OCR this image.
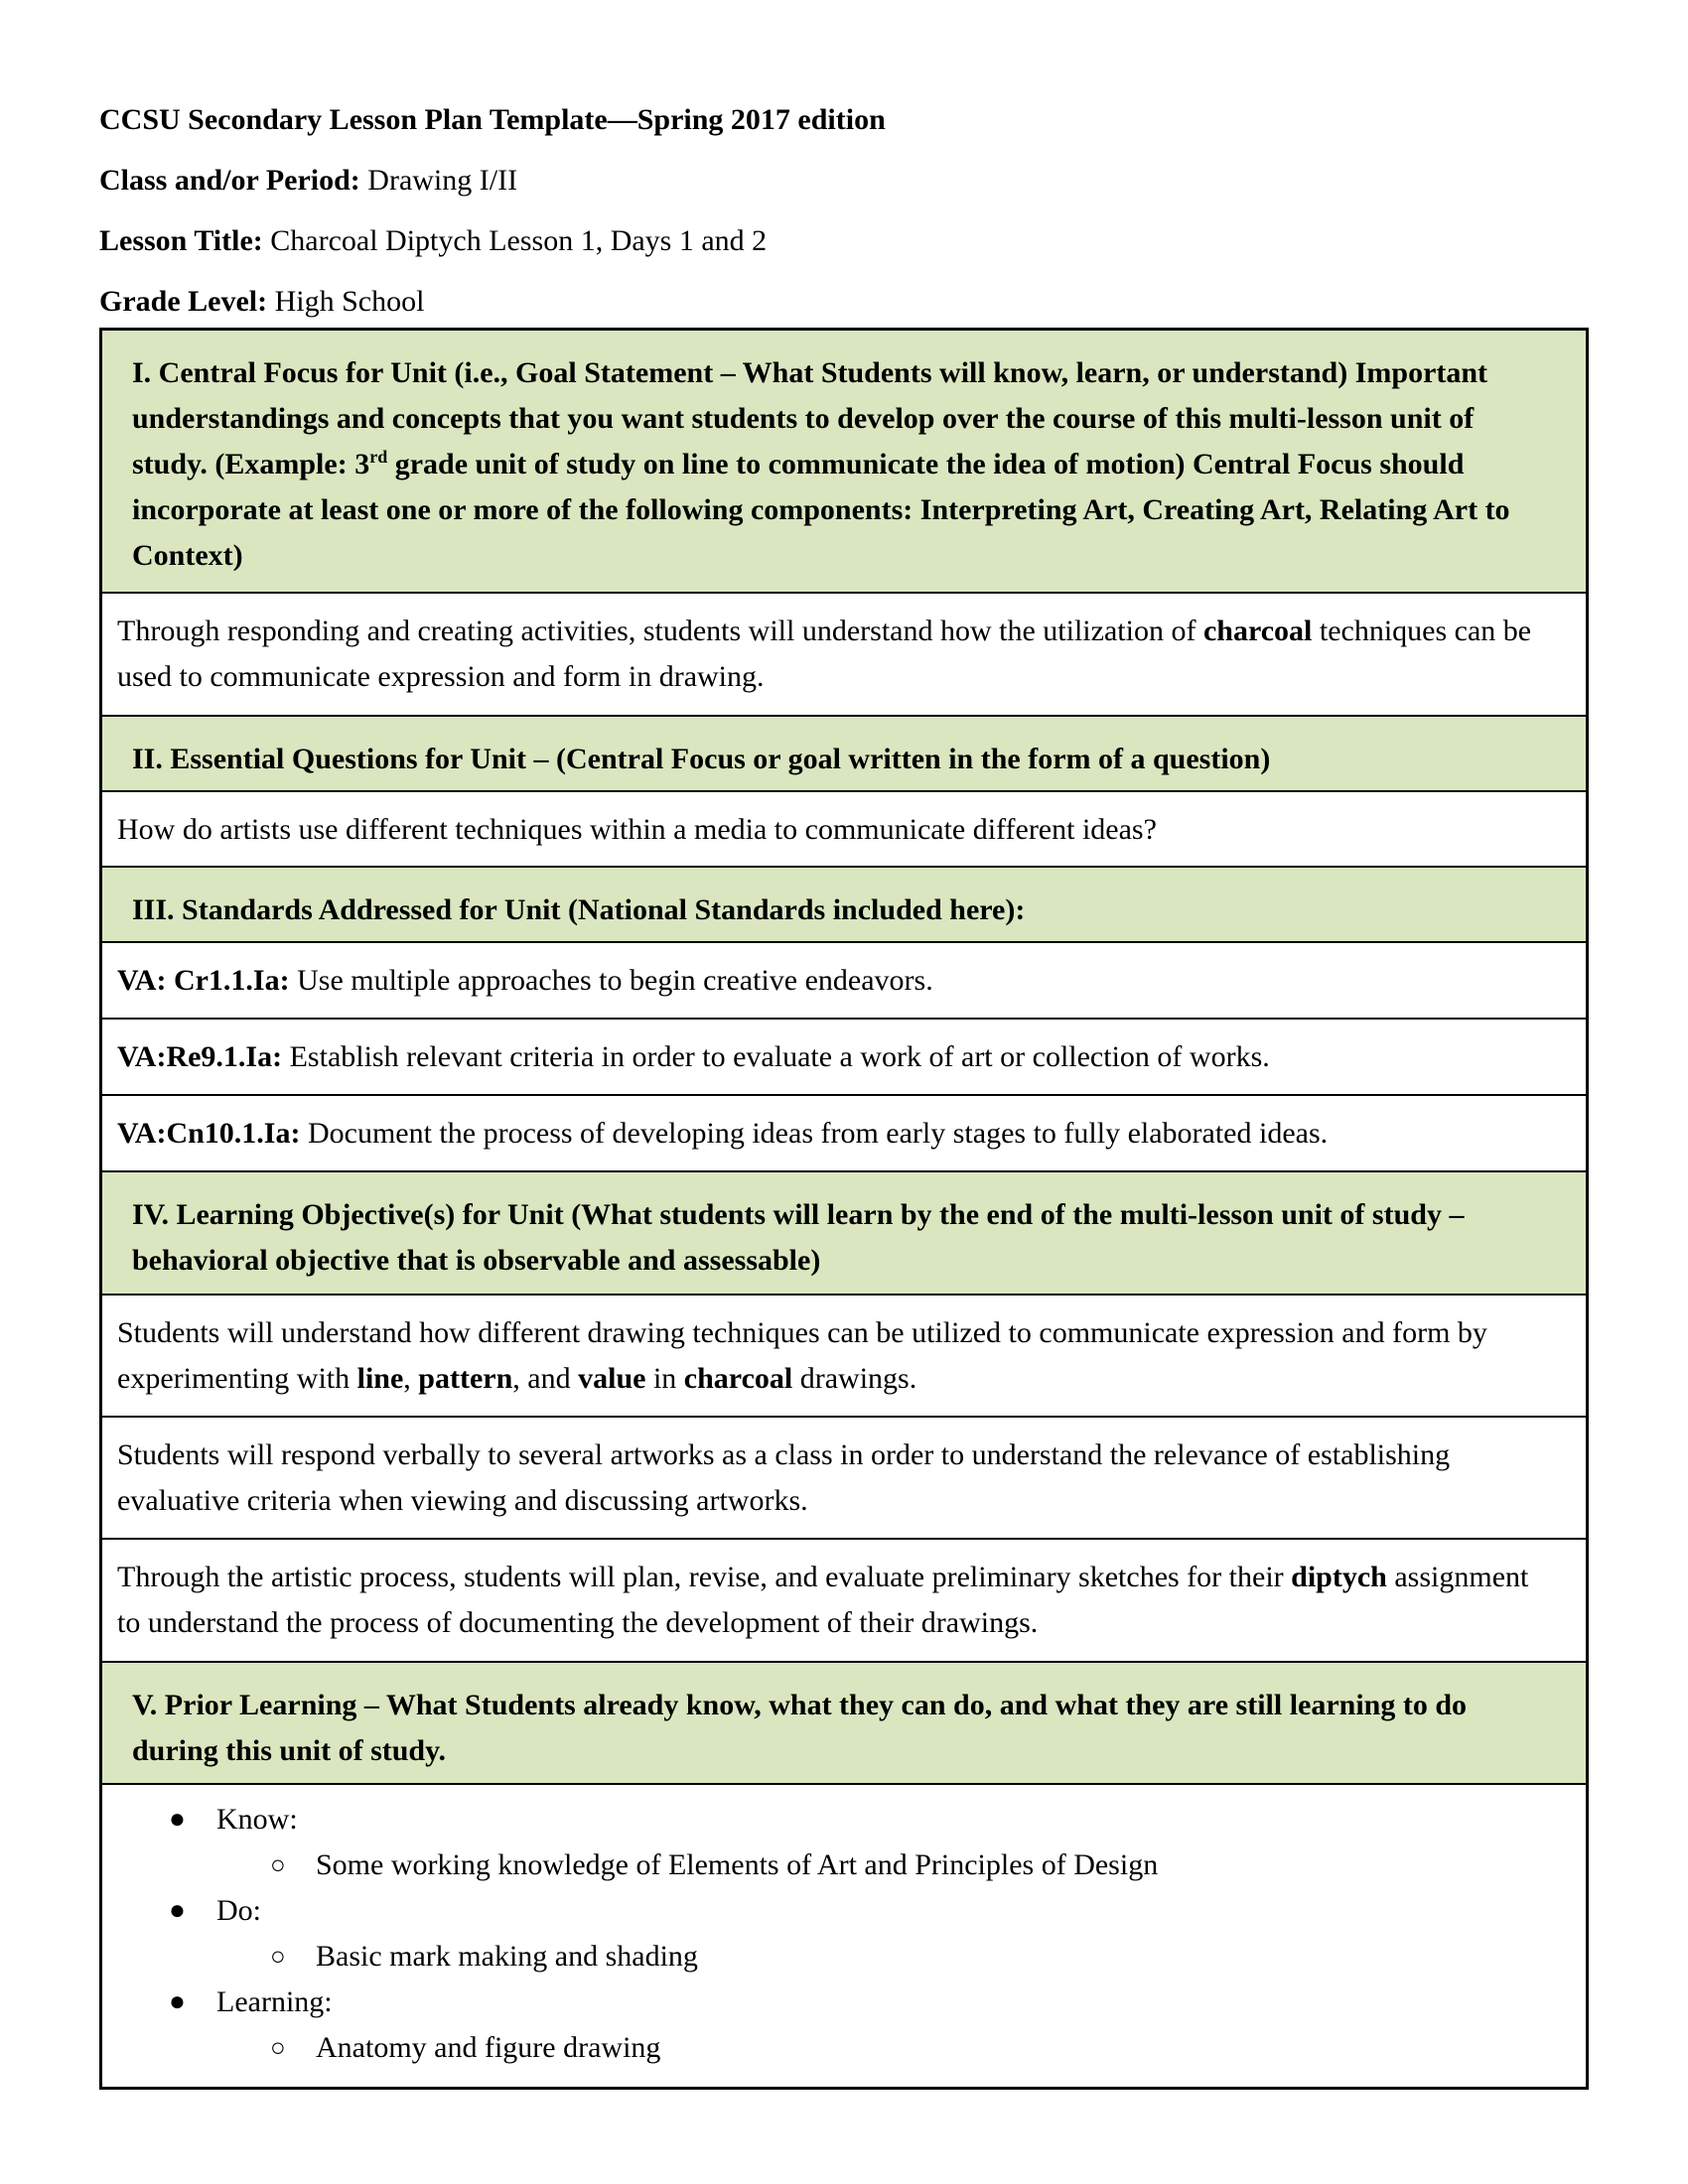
CCSU Secondary Lesson Plan Template—Spring 2017 edition
Class and/or Period: Drawing I/II
Lesson Title: Charcoal Diptych Lesson 1, Days 1 and 2
Grade Level: High School
I. Central Focus for Unit (i.e., Goal Statement – What Students will know, learn, or understand) Important understandings and concepts that you want students to develop over the course of this multi-lesson unit of study. (Example: 3rd grade unit of study on line to communicate the idea of motion) Central Focus should incorporate at least one or more of the following components: Interpreting Art, Creating Art, Relating Art to Context)
Through responding and creating activities, students will understand how the utilization of charcoal techniques can be used to communicate expression and form in drawing.
II. Essential Questions for Unit – (Central Focus or goal written in the form of a question)
How do artists use different techniques within a media to communicate different ideas?
III. Standards Addressed for Unit (National Standards included here):
VA: Cr1.1.Ia: Use multiple approaches to begin creative endeavors.
VA:Re9.1.Ia: Establish relevant criteria in order to evaluate a work of art or collection of works.
VA:Cn10.1.Ia: Document the process of developing ideas from early stages to fully elaborated ideas.
IV. Learning Objective(s) for Unit (What students will learn by the end of the multi-lesson unit of study – behavioral objective that is observable and assessable)
Students will understand how different drawing techniques can be utilized to communicate expression and form by experimenting with line, pattern, and value in charcoal drawings.
Students will respond verbally to several artworks as a class in order to understand the relevance of establishing evaluative criteria when viewing and discussing artworks.
Through the artistic process, students will plan, revise, and evaluate preliminary sketches for their diptych assignment to understand the process of documenting the development of their drawings.
V. Prior Learning – What Students already know, what they can do, and what they are still learning to do during this unit of study.
● Know:
○ Some working knowledge of Elements of Art and Principles of Design
● Do:
○ Basic mark making and shading
● Learning:
○ Anatomy and figure drawing
